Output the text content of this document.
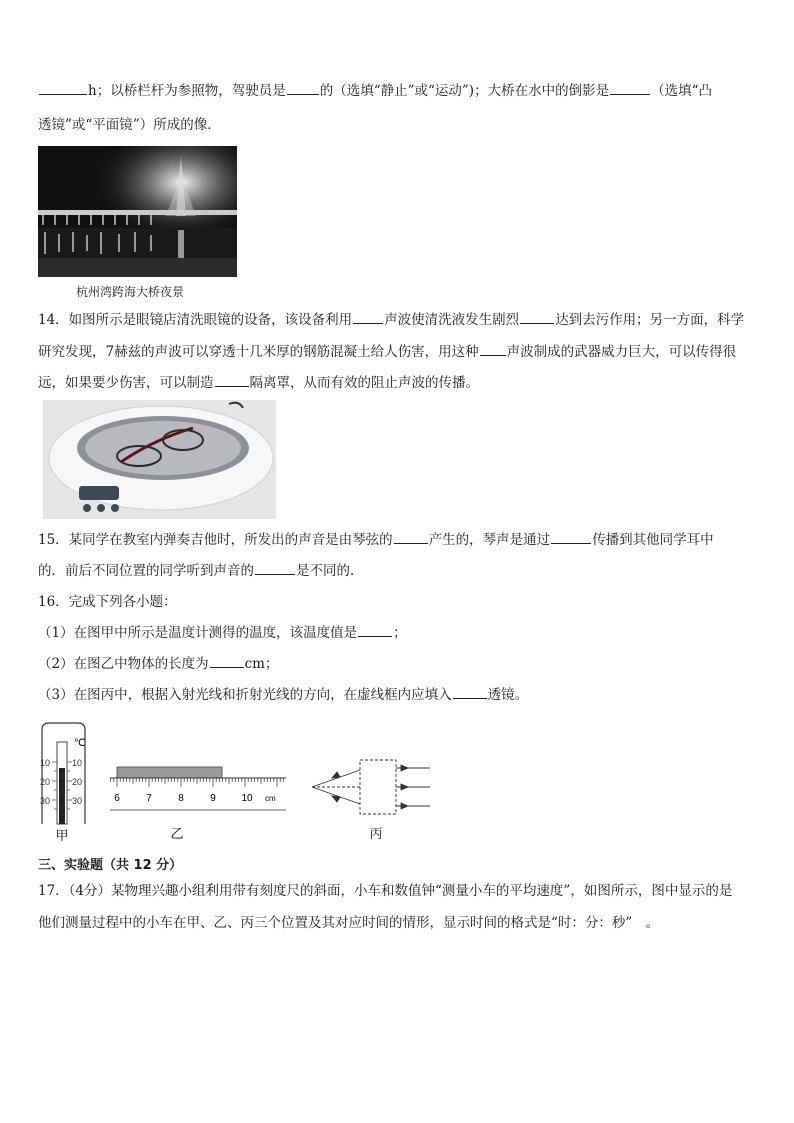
h；以桥栏杆为参照物，驾驶员是	的（选填“静止”或“运动”)；大桥在水中的倒影是	（选填“凸
透镜”或“平面镜”）所成的像．
杭州湾跨海大桥夜景
14．如图所示是眼镜店清洗眼镜的设备，该设备利用 声波使清洗液发生剧烈	达到去污作用；另一方面，科学
研究发现，7赫兹的声波可以穿透十几米厚的钢筋混凝土给人伤害，用这种 声波制成的武器威力巨大，可以传得很
远，如果要少伤害，可以制造	隔离罩，从而有效的阻止声波的传播。
15．某同学在教室内弹奏吉他时，所发出的声音是由琴弦的	产生的，琴声是通过	传播到其他同学耳中
的．前后不同位置的同学听到声音的	是不同的．
16．完成下列各小题：
（1）在图甲中所示是温度计测得的温度，该温度值是	；
（2）在图乙中物体的长度为	cm；
（3）在图丙中，根据入射光线和折射光线的方向，在虚线框内应填入	透镜。
℃
10
20
30
10
20
30
甲
6	7	8	9	10 cm
乙	丙
三、实验题（共 12 分）
17．（4分）某物理兴趣小组利用带有刻度尺的斜面，小车和数值钟“测量小车的平均速度”，如图所示，图中显示的是
他们测量过程中的小车在甲、乙、丙三个位置及其对应时间的情形，显示时间的格式是“时：分：秒”　。
